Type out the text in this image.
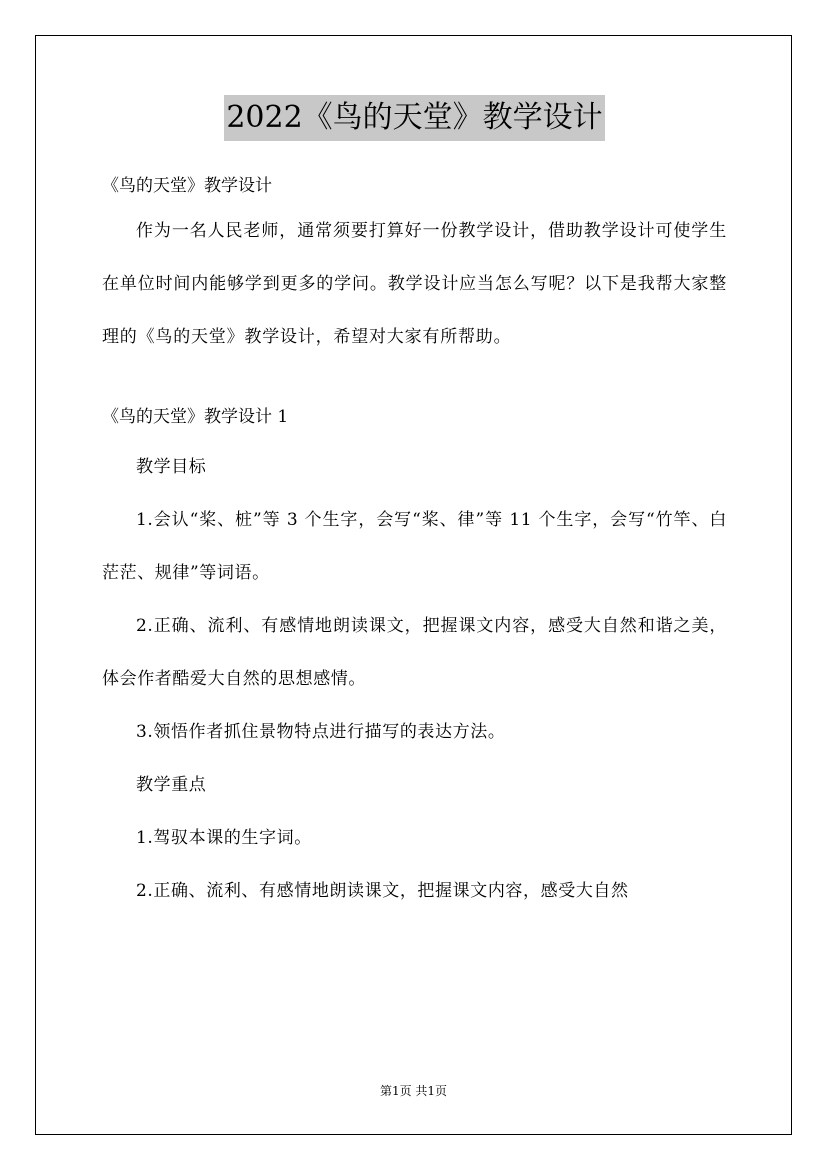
2022《鸟的天堂》教学设计

《鸟的天堂》教学设计

作为一名人民老师，通常须要打算好一份教学设计，借助教学设计可使学生在单位时间内能够学到更多的学问。教学设计应当怎么写呢？以下是我帮大家整理的《鸟的天堂》教学设计，希望对大家有所帮助。

《鸟的天堂》教学设计 1

教学目标

1.会认“桨、桩”等 3 个生字，会写“桨、律”等 11 个生字，会写“竹竿、白茫茫、规律”等词语。

2.正确、流利、有感情地朗读课文，把握课文内容，感受大自然和谐之美，体会作者酷爱大自然的思想感情。

3.领悟作者抓住景物特点进行描写的表达方法。

教学重点

1.驾驭本课的生字词。

2.正确、流利、有感情地朗读课文，把握课文内容，感受大自然

第1页 共1页
